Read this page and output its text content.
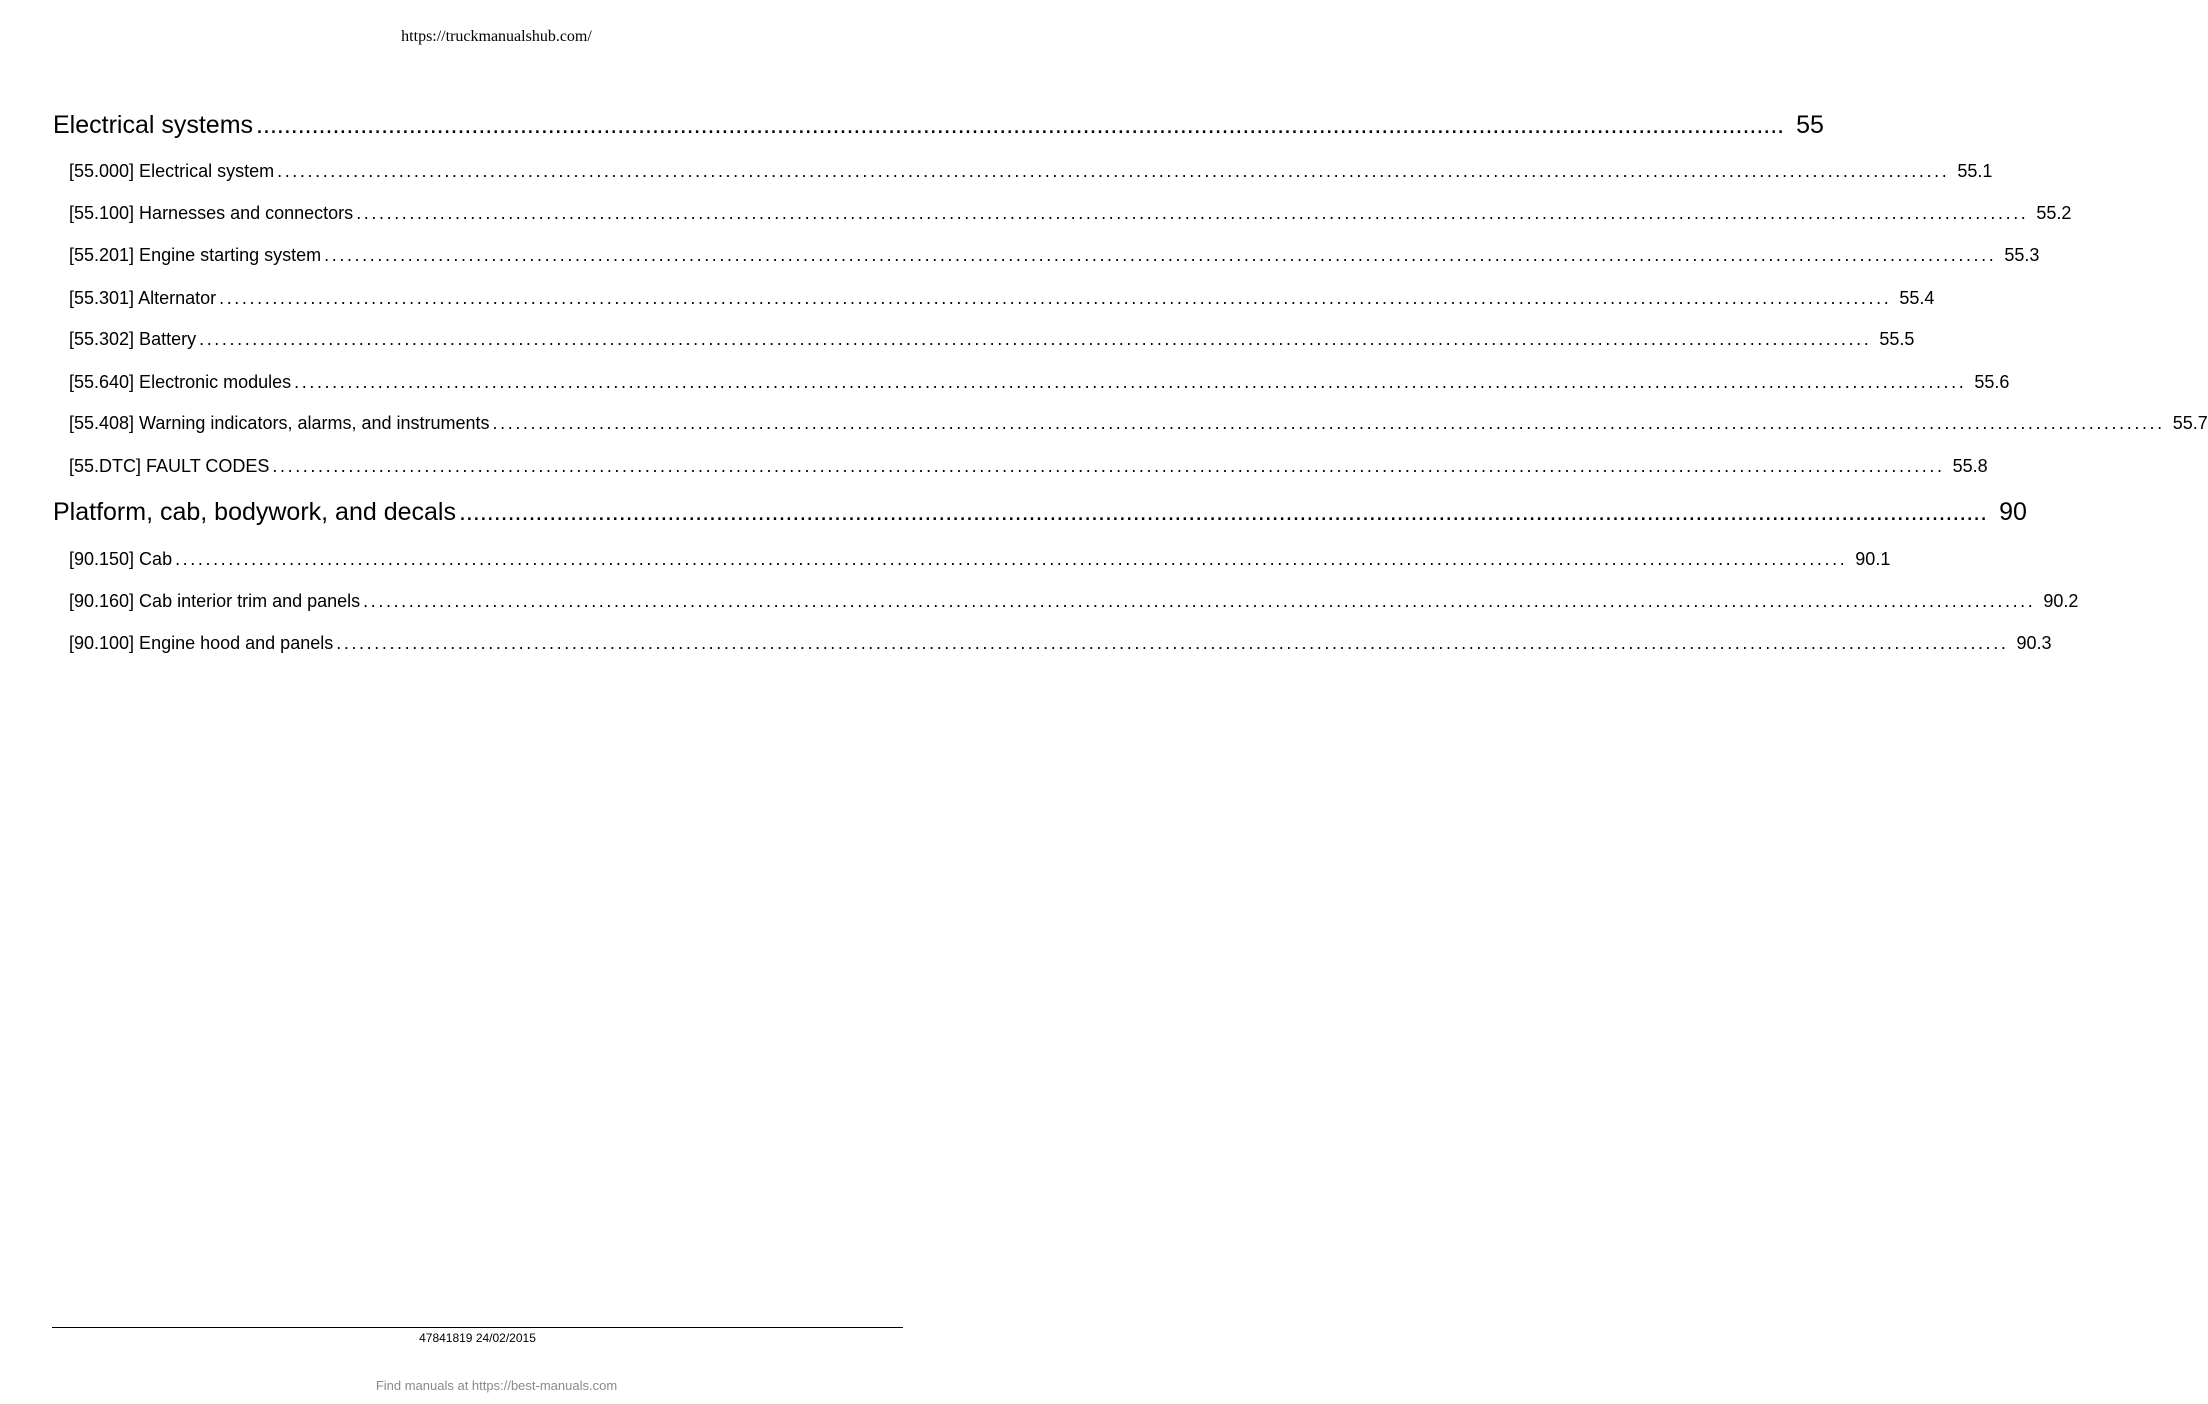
https://truckmanualshub.com/
Electrical systems ............................................................................................................................................................................................................................ 55
[55.000] Electrical system ............................................................................................................................................................................................................................ 55.1
[55.100] Harnesses and connectors ............................................................................................................................................................................................................................ 55.2
[55.201] Engine starting system ............................................................................................................................................................................................................................ 55.3
[55.301] Alternator ............................................................................................................................................................................................................................ 55.4
[55.302] Battery ............................................................................................................................................................................................................................ 55.5
[55.640] Electronic modules ............................................................................................................................................................................................................................ 55.6
[55.408] Warning indicators, alarms, and instruments ............................................................................................................................................................................................................................ 55.7
[55.DTC] FAULT CODES ............................................................................................................................................................................................................................ 55.8
Platform, cab, bodywork, and decals ............................................................................................................................................................................................................................ 90
[90.150] Cab ............................................................................................................................................................................................................................ 90.1
[90.160] Cab interior trim and panels ............................................................................................................................................................................................................................ 90.2
[90.100] Engine hood and panels ............................................................................................................................................................................................................................ 90.3
47841819 24/02/2015
Find manuals at https://best-manuals.com
